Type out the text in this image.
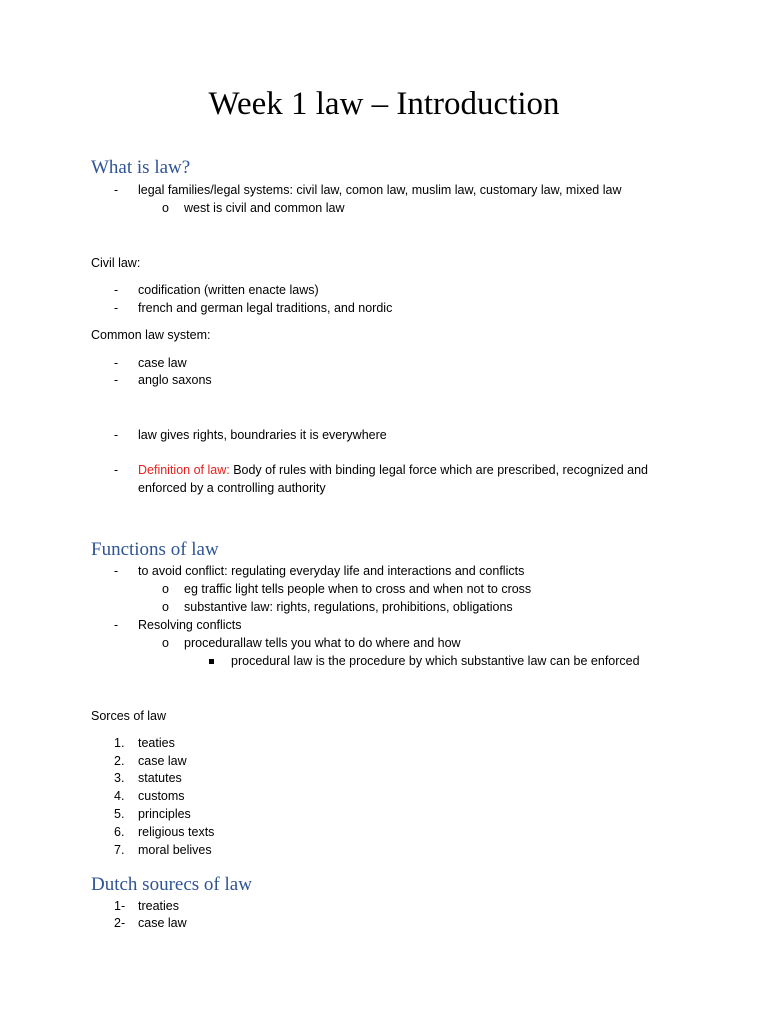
Week 1 law – Introduction
What is law?
- legal families/legal systems: civil law, comon law, muslim law, customary law, mixed law
o west is civil and common law
Civil law:
- codification (written enacte laws)
- french and german legal traditions, and nordic
Common law system:
- case law
- anglo saxons
- law gives rights, boundraries it is everywhere
- Definition of law: Body of rules with binding legal force which are prescribed, recognized and
enforced by a controlling authority
Functions of law
- to avoid conflict: regulating everyday life and interactions and conflicts
o eg traffic light tells people when to cross and when not to cross
o substantive law: rights, regulations, prohibitions, obligations
- Resolving conflicts
o procedurallaw tells you what to do where and how
procedural law is the procedure by which substantive law can be enforced
Sorces of law
1. teaties
2. case law
3. statutes
4. customs
5. principles
6. religious texts
7. moral belives
Dutch sourecs of law
1- treaties
2- case law
